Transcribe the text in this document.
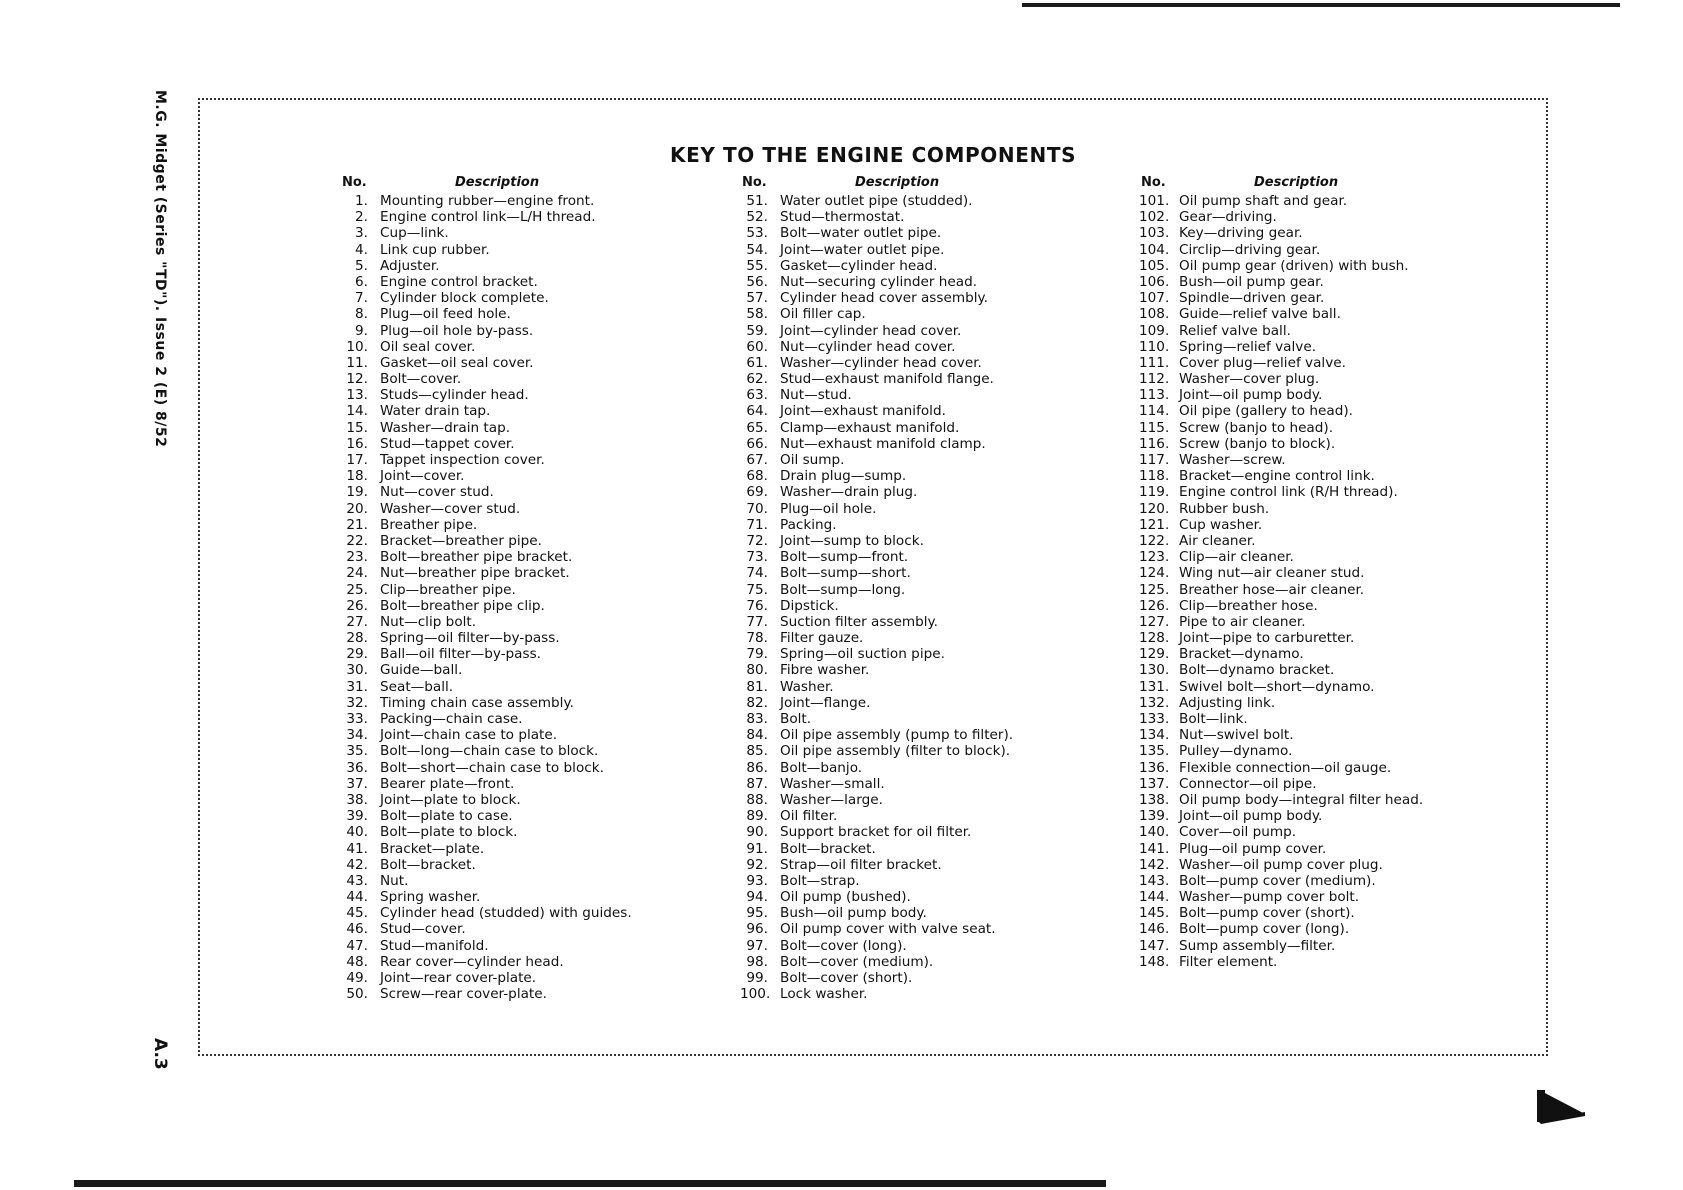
M.G. Midget (Series "TD"). Issue 2 (E) 8/52
A.3
KEY TO THE ENGINE COMPONENTS
No.	Description
1. Mounting rubber—engine front.
2. Engine control link—L/H thread.
3. Cup—link.
4. Link cup rubber.
5. Adjuster.
6. Engine control bracket.
7. Cylinder block complete.
8. Plug—oil feed hole.
9. Plug—oil hole by-pass.
10. Oil seal cover.
11. Gasket—oil seal cover.
12. Bolt—cover.
13. Studs—cylinder head.
14. Water drain tap.
15. Washer—drain tap.
16. Stud—tappet cover.
17. Tappet inspection cover.
18. Joint—cover.
19. Nut—cover stud.
20. Washer—cover stud.
21. Breather pipe.
22. Bracket—breather pipe.
23. Bolt—breather pipe bracket.
24. Nut—breather pipe bracket.
25. Clip—breather pipe.
26. Bolt—breather pipe clip.
27. Nut—clip bolt.
28. Spring—oil filter—by-pass.
29. Ball—oil filter—by-pass.
30. Guide—ball.
31. Seat—ball.
32. Timing chain case assembly.
33. Packing—chain case.
34. Joint—chain case to plate.
35. Bolt—long—chain case to block.
36. Bolt—short—chain case to block.
37. Bearer plate—front.
38. Joint—plate to block.
39. Bolt—plate to case.
40. Bolt—plate to block.
41. Bracket—plate.
42. Bolt—bracket.
43. Nut.
44. Spring washer.
45. Cylinder head (studded) with guides.
46. Stud—cover.
47. Stud—manifold.
48. Rear cover—cylinder head.
49. Joint—rear cover-plate.
50. Screw—rear cover-plate.
No.	Description
51. Water outlet pipe (studded).
52. Stud—thermostat.
53. Bolt—water outlet pipe.
54. Joint—water outlet pipe.
55. Gasket—cylinder head.
56. Nut—securing cylinder head.
57. Cylinder head cover assembly.
58. Oil filler cap.
59. Joint—cylinder head cover.
60. Nut—cylinder head cover.
61. Washer—cylinder head cover.
62. Stud—exhaust manifold flange.
63. Nut—stud.
64. Joint—exhaust manifold.
65. Clamp—exhaust manifold.
66. Nut—exhaust manifold clamp.
67. Oil sump.
68. Drain plug—sump.
69. Washer—drain plug.
70. Plug—oil hole.
71. Packing.
72. Joint—sump to block.
73. Bolt—sump—front.
74. Bolt—sump—short.
75. Bolt—sump—long.
76. Dipstick.
77. Suction filter assembly.
78. Filter gauze.
79. Spring—oil suction pipe.
80. Fibre washer.
81. Washer.
82. Joint—flange.
83. Bolt.
84. Oil pipe assembly (pump to filter).
85. Oil pipe assembly (filter to block).
86. Bolt—banjo.
87. Washer—small.
88. Washer—large.
89. Oil filter.
90. Support bracket for oil filter.
91. Bolt—bracket.
92. Strap—oil filter bracket.
93. Bolt—strap.
94. Oil pump (bushed).
95. Bush—oil pump body.
96. Oil pump cover with valve seat.
97. Bolt—cover (long).
98. Bolt—cover (medium).
99. Bolt—cover (short).
100. Lock washer.
No.	Description
101. Oil pump shaft and gear.
102. Gear—driving.
103. Key—driving gear.
104. Circlip—driving gear.
105. Oil pump gear (driven) with bush.
106. Bush—oil pump gear.
107. Spindle—driven gear.
108. Guide—relief valve ball.
109. Relief valve ball.
110. Spring—relief valve.
111. Cover plug—relief valve.
112. Washer—cover plug.
113. Joint—oil pump body.
114. Oil pipe (gallery to head).
115. Screw (banjo to head).
116. Screw (banjo to block).
117. Washer—screw.
118. Bracket—engine control link.
119. Engine control link (R/H thread).
120. Rubber bush.
121. Cup washer.
122. Air cleaner.
123. Clip—air cleaner.
124. Wing nut—air cleaner stud.
125. Breather hose—air cleaner.
126. Clip—breather hose.
127. Pipe to air cleaner.
128. Joint—pipe to carburetter.
129. Bracket—dynamo.
130. Bolt—dynamo bracket.
131. Swivel bolt—short—dynamo.
132. Adjusting link.
133. Bolt—link.
134. Nut—swivel bolt.
135. Pulley—dynamo.
136. Flexible connection—oil gauge.
137. Connector—oil pipe.
138. Oil pump body—integral filter head.
139. Joint—oil pump body.
140. Cover—oil pump.
141. Plug—oil pump cover.
142. Washer—oil pump cover plug.
143. Bolt—pump cover (medium).
144. Washer—pump cover bolt.
145. Bolt—pump cover (short).
146. Bolt—pump cover (long).
147. Sump assembly—filter.
148. Filter element.
